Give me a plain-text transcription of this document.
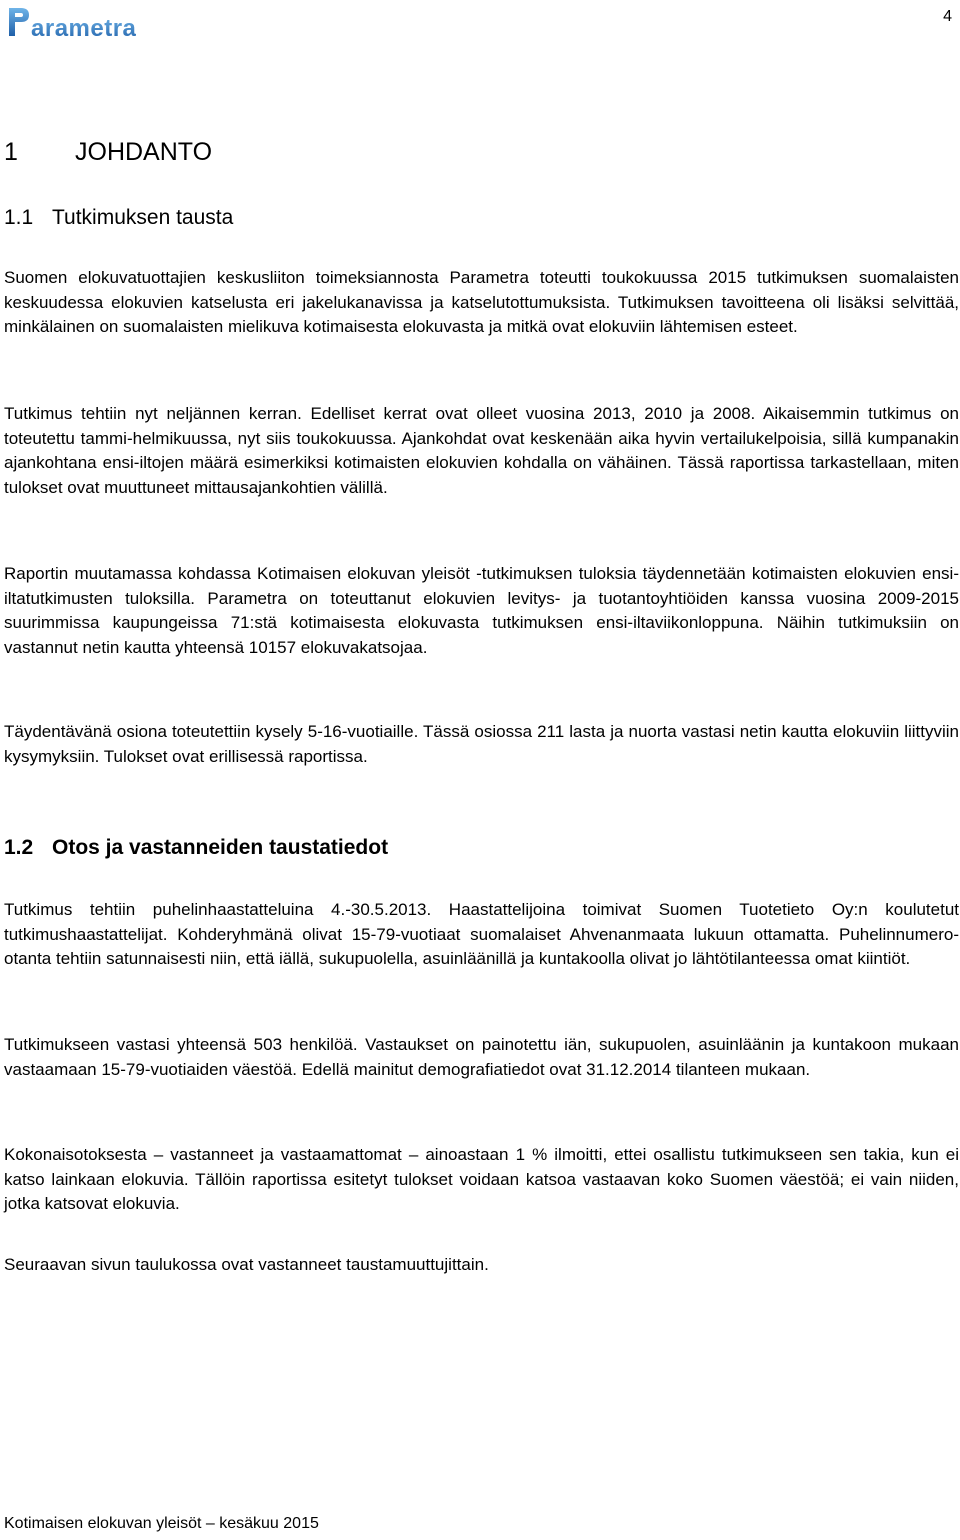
arametra	4
1 JOHDANTO
1.1 Tutkimuksen tausta
Suomen elokuvatuottajien keskusliiton toimeksiannosta Parametra toteutti toukokuussa 2015 tutkimuksen suomalaisten keskuudessa elokuvien katselusta eri jakelukanavissa ja katselutottumuksista. Tutkimuksen tavoitteena oli lisäksi selvittää, minkälainen on suomalaisten mielikuva kotimaisesta elokuvasta ja mitkä ovat elokuviin lähtemisen esteet.
Tutkimus tehtiin nyt neljännen kerran. Edelliset kerrat ovat olleet vuosina 2013, 2010 ja 2008. Aikaisemmin tutkimus on toteutettu tammi-helmikuussa, nyt siis toukokuussa. Ajankohdat ovat keskenään aika hyvin vertailukelpoisia, sillä kumpanakin ajankohtana ensi-iltojen määrä esimerkiksi kotimaisten elokuvien kohdalla on vähäinen. Tässä raportissa tarkastellaan, miten tulokset ovat muuttuneet mittausajankohtien välillä.
Raportin muutamassa kohdassa Kotimaisen elokuvan yleisöt -tutkimuksen tuloksia täydennetään kotimaisten elokuvien ensi-iltatutkimusten tuloksilla. Parametra on toteuttanut elokuvien levitys- ja tuotantoyhtiöiden kanssa vuosina 2009-2015 suurimmissa kaupungeissa 71:stä kotimaisesta elokuvasta tutkimuksen ensi-iltaviikonloppuna. Näihin tutkimuksiin on vastannut netin kautta yhteensä 10157 elokuvakatsojaa.
Täydentävänä osiona toteutettiin kysely 5-16-vuotiaille. Tässä osiossa 211 lasta ja nuorta vastasi netin kautta elokuviin liittyviin kysymyksiin. Tulokset ovat erillisessä raportissa.
1.2 Otos ja vastanneiden taustatiedot
Tutkimus tehtiin puhelinhaastatteluina 4.-30.5.2013. Haastattelijoina toimivat Suomen Tuotetieto Oy:n koulutetut tutkimushaastattelijat. Kohderyhmänä olivat 15-79-vuotiaat suomalaiset Ahvenanmaata lukuun ottamatta. Puhelinnumero-otanta tehtiin satunnaisesti niin, että iällä, sukupuolella, asuinläänillä ja kuntakoolla olivat jo lähtötilanteessa omat kiintiöt.
Tutkimukseen vastasi yhteensä 503 henkilöä. Vastaukset on painotettu iän, sukupuolen, asuinläänin ja kuntakoon mukaan vastaamaan 15-79-vuotiaiden väestöä. Edellä mainitut demografiatiedot ovat 31.12.2014 tilanteen mukaan.
Kokonaisotoksesta – vastanneet ja vastaamattomat – ainoastaan 1 % ilmoitti, ettei osallistu tutkimukseen sen takia, kun ei katso lainkaan elokuvia. Tällöin raportissa esitetyt tulokset voidaan katsoa vastaavan koko Suomen väestöä; ei vain niiden, jotka katsovat elokuvia.
Seuraavan sivun taulukossa ovat vastanneet taustamuuttujittain.
Kotimaisen elokuvan yleisöt – kesäkuu 2015
